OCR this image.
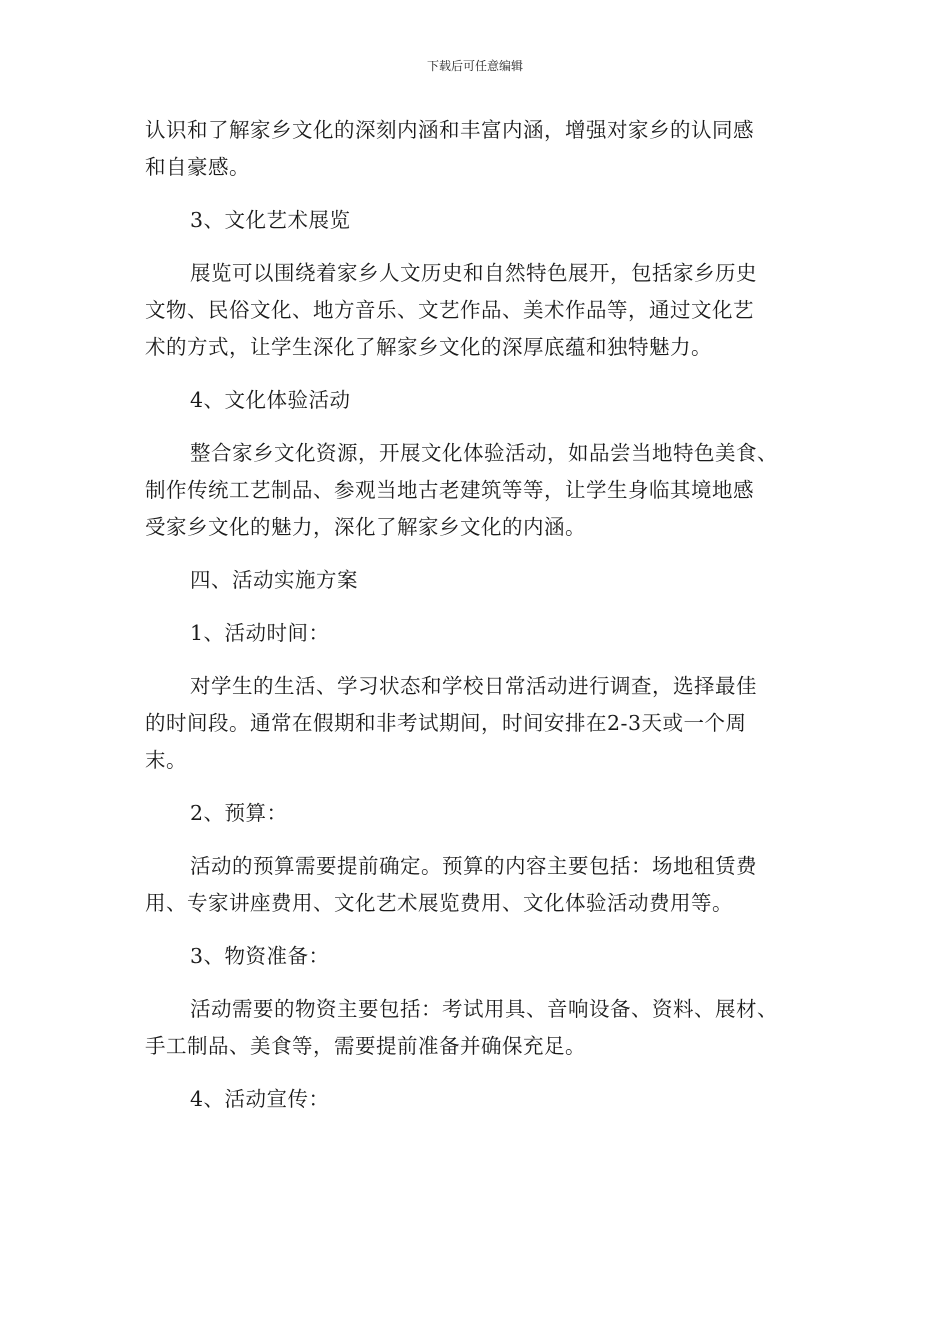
下载后可任意编辑
认识和了解家乡文化的深刻内涵和丰富内涵，增强对家乡的认同感
和自豪感。
3、文化艺术展览
展览可以围绕着家乡人文历史和自然特色展开，包括家乡历史
文物、民俗文化、地方音乐、文艺作品、美术作品等，通过文化艺
术的方式，让学生深化了解家乡文化的深厚底蕴和独特魅力。
4、文化体验活动
整合家乡文化资源，开展文化体验活动，如品尝当地特色美食、
制作传统工艺制品、参观当地古老建筑等等，让学生身临其境地感
受家乡文化的魅力，深化了解家乡文化的内涵。
四、活动实施方案
1、活动时间：
对学生的生活、学习状态和学校日常活动进行调查，选择最佳
的时间段。通常在假期和非考试期间，时间安排在2-3天或一个周
末。
2、预算：
活动的预算需要提前确定。预算的内容主要包括：场地租赁费
用、专家讲座费用、文化艺术展览费用、文化体验活动费用等。
3、物资准备：
活动需要的物资主要包括：考试用具、音响设备、资料、展材、
手工制品、美食等，需要提前准备并确保充足。
4、活动宣传：
